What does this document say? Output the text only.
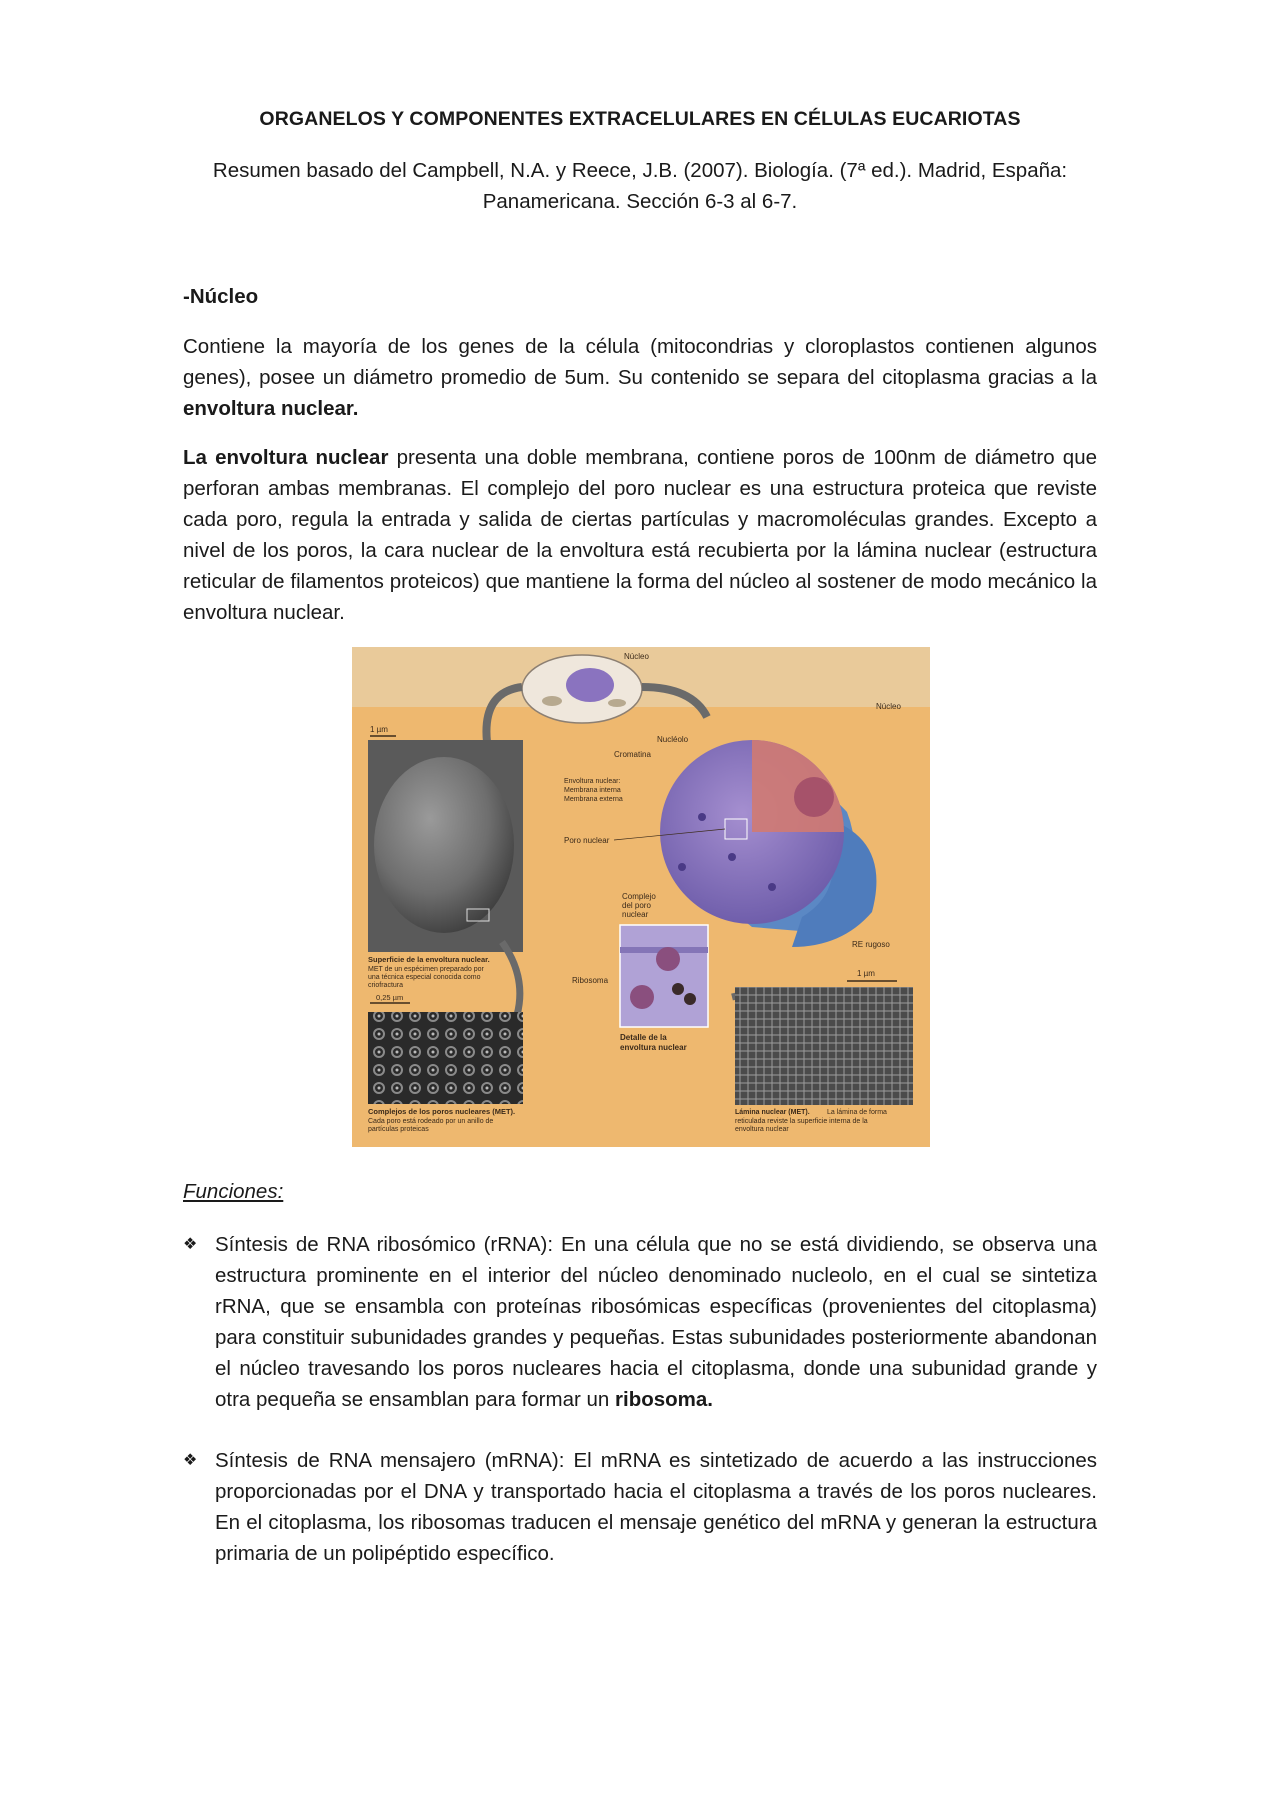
ORGANELOS Y COMPONENTES EXTRACELULARES EN CÉLULAS EUCARIOTAS
Resumen basado del Campbell, N.A. y Reece, J.B. (2007). Biología. (7ª ed.). Madrid, España: Panamericana. Sección 6-3 al 6-7.
-Núcleo
Contiene la mayoría de los genes de la célula (mitocondrias y cloroplastos contienen algunos genes), posee un diámetro promedio de 5um. Su contenido se separa del citoplasma gracias a la envoltura nuclear.
La envoltura nuclear presenta una doble membrana, contiene poros de 100nm de diámetro que perforan ambas membranas. El complejo del poro nuclear es una estructura proteica que reviste cada poro, regula la entrada y salida de ciertas partículas y macromoléculas grandes. Excepto a nivel de los poros, la cara nuclear de la envoltura está recubierta por la lámina nuclear (estructura reticular de filamentos proteicos) que mantiene la forma del núcleo al sostener de modo mecánico la envoltura nuclear.
Núcleo
1 µm
Núcleo
Nucléolo
Cromatina
Envoltura nuclear:
Membrana interna
Membrana externa
Poro nuclear
RE rugoso
Complejo
del poro
nuclear
Ribosoma
Detalle de la
envoltura nuclear
Superficie de la envoltura nuclear.
MET de un espécimen preparado por
una técnica especial conocida como
criofractura
0,25 µm
Complejos de los poros nucleares (MET).
Cada poro está rodeado por un anillo de
partículas proteicas
1 µm
Lámina nuclear (MET). La lámina de forma
reticulada reviste la superficie interna de la
envoltura nuclear
Funciones:
❖ Síntesis de RNA ribosómico (rRNA): En una célula que no se está dividiendo, se observa una estructura prominente en el interior del núcleo denominado nucleolo, en el cual se sintetiza rRNA, que se ensambla con proteínas ribosómicas específicas (provenientes del citoplasma) para constituir subunidades grandes y pequeñas. Estas subunidades posteriormente abandonan el núcleo travesando los poros nucleares hacia el citoplasma, donde una subunidad grande y otra pequeña se ensamblan para formar un ribosoma.
❖ Síntesis de RNA mensajero (mRNA): El mRNA es sintetizado de acuerdo a las instrucciones proporcionadas por el DNA y transportado hacia el citoplasma a través de los poros nucleares. En el citoplasma, los ribosomas traducen el mensaje genético del mRNA y generan la estructura primaria de un polipéptido específico.
